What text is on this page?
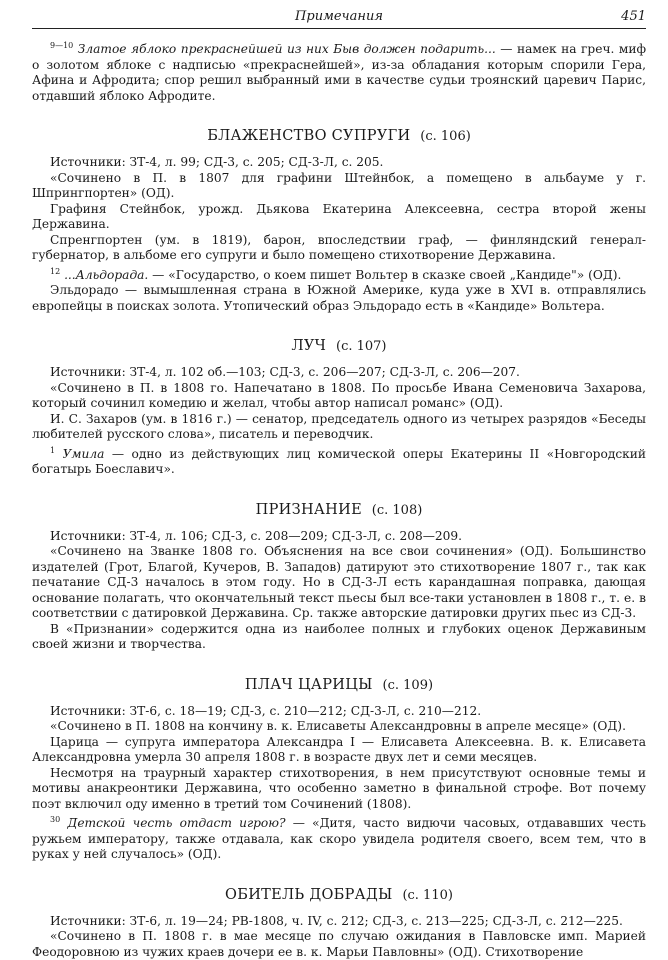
Примечания	451

$^{9—10}$ Златое яблоко прекраснейшей из них Быв должен подарить... — намек на греч. миф о золотом яблоке с надписью «прекраснейшей», из-за обладания которым спорили Гера, Афина и Афродита; спор решил выбранный ими в качестве судьи троянский царевич Парис, отдавший яблоко Афродите.

БЛАЖЕНСТВО СУПРУГИ (с. 106)

Источники: ЗТ-4, л. 99; СД-3, с. 205; СД-3-Л, с. 205.

«Сочинено в П. в 1807 для графини Штейнбок, а помещено в альбауме у г. Шпрингпортен» (ОД).

Графиня Стейнбок, урожд. Дьякова Екатерина Алексеевна, сестра второй жены Державина.

Спренгпортен (ум. в 1819), барон, впоследствии граф, — финляндский генерал-губернатор, в альбоме его супруги и было помещено стихотворение Державина.

$^{12}$ ...Альдорада. — «Государство, о коем пишет Вольтер в сказке своей „Кандиде"» (ОД).

Эльдорадо — вымышленная страна в Южной Америке, куда уже в XVI в. отправлялись европейцы в поисках золота. Утопический образ Эльдорадо есть в «Кандиде» Вольтера.

ЛУЧ (с. 107)

Источники: ЗТ-4, л. 102 об.—103; СД-3, с. 206—207; СД-3-Л, с. 206—207.

«Сочинено в П. в 1808 го. Напечатано в 1808. По просьбе Ивана Семеновича Захарова, который сочинил комедию и желал, чтобы автор написал романс» (ОД).

И. С. Захаров (ум. в 1816 г.) — сенатор, председатель одного из четырех разрядов «Беседы любителей русского слова», писатель и переводчик.

$^1$ Умила — одно из действующих лиц комической оперы Екатерины II «Новгородский богатырь Боеславич».

ПРИЗНАНИЕ (с. 108)

Источники: ЗТ-4, л. 106; СД-3, с. 208—209; СД-3-Л, с. 208—209.

«Сочинено на Званке 1808 го. Объяснения на все свои сочинения» (ОД). Большинство издателей (Грот, Благой, Кучеров, В. Западов) датируют это стихотворение 1807 г., так как печатание СД-3 началось в этом году. Но в СД-3-Л есть карандашная поправка, дающая основание полагать, что окончательный текст пьесы был все-таки установлен в 1808 г., т. е. в соответствии с датировкой Державина. Ср. также авторские датировки других пьес из СД-3.

В «Признании» содержится одна из наиболее полных и глубоких оценок Державиным своей жизни и творчества.

ПЛАЧ ЦАРИЦЫ (с. 109)

Источники: ЗТ-6, с. 18—19; СД-3, с. 210—212; СД-3-Л, с. 210—212.

«Сочинено в П. 1808 на кончину в. к. Елисаветы Александровны в апреле месяце» (ОД).

Царица — супруга императора Александра I — Елисавета Алексеевна. В. к. Елисавета Александровна умерла 30 апреля 1808 г. в возрасте двух лет и семи месяцев.

Несмотря на траурный характер стихотворения, в нем присутствуют основные темы и мотивы анакреонтики Державина, что особенно заметно в финальной строфе. Вот почему поэт включил оду именно в третий том Сочинений (1808).

$^{30}$ Детской честь отдаст игрою? — «Дитя, часто видючи часовых, отдававших честь ружьем императору, также отдавала, как скоро увидела родителя своего, всем тем, что в руках у ней случалось» (ОД).

ОБИТЕЛЬ ДОБРАДЫ (с. 110)

Источники: ЗТ-6, л. 19—24; РВ-1808, ч. IV, с. 212; СД-3, с. 213—225; СД-3-Л, с. 212—225.

«Сочинено в П. 1808 г. в мае месяце по случаю ожидания в Павловске имп. Марией Феодоровною из чужих краев дочери ее в. к. Марьи Павловны» (ОД). Стихотворение
